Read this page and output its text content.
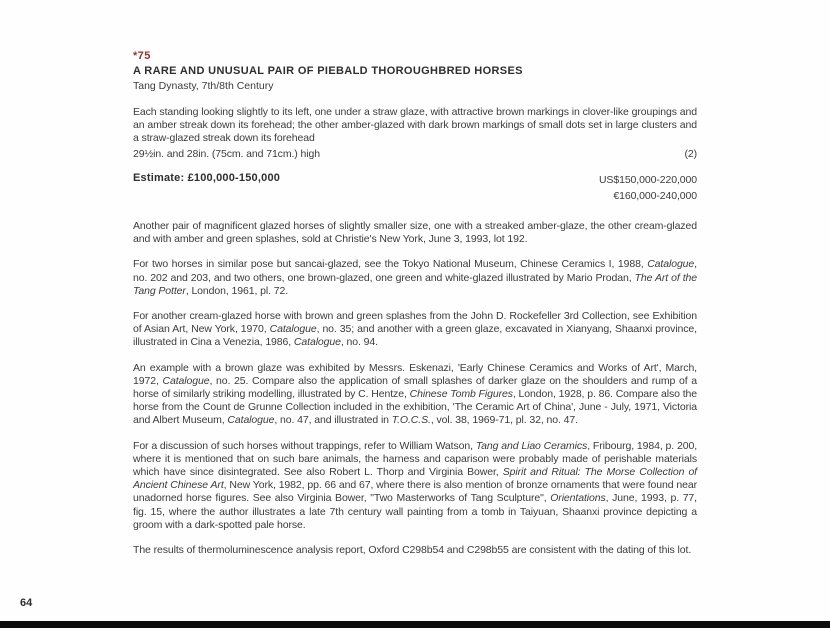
*75
A RARE AND UNUSUAL PAIR OF PIEBALD THOROUGHBRED HORSES
Tang Dynasty, 7th/8th Century

Each standing looking slightly to its left, one under a straw glaze, with attractive brown markings in clover-like groupings and an amber streak down its forehead; the other amber-glazed with dark brown markings of small dots set in large clusters and a straw-glazed streak down its forehead

29½in. and 28in. (75cm. and 71cm.) high	(2)
Estimate: £100,000-150,000	US$150,000-220,000
€160,000-240,000

Another pair of magnificent glazed horses of slightly smaller size, one with a streaked amber-glaze, the other cream-glazed and with amber and green splashes, sold at Christie's New York, June 3, 1993, lot 192.

For two horses in similar pose but sancai-glazed, see the Tokyo National Museum, Chinese Ceramics I, 1988, Catalogue, no. 202 and 203, and two others, one brown-glazed, one green and white-glazed illustrated by Mario Prodan, The Art of the Tang Potter, London, 1961, pl. 72.

For another cream-glazed horse with brown and green splashes from the John D. Rockefeller 3rd Collection, see Exhibition of Asian Art, New York, 1970, Catalogue, no. 35; and another with a green glaze, excavated in Xianyang, Shaanxi province, illustrated in Cina a Venezia, 1986, Catalogue, no. 94.

An example with a brown glaze was exhibited by Messrs. Eskenazi, 'Early Chinese Ceramics and Works of Art', March, 1972, Catalogue, no. 25. Compare also the application of small splashes of darker glaze on the shoulders and rump of a horse of similarly striking modelling, illustrated by C. Hentze, Chinese Tomb Figures, London, 1928, p. 86. Compare also the horse from the Count de Grunne Collection included in the exhibition, 'The Ceramic Art of China', June - July, 1971, Victoria and Albert Museum, Catalogue, no. 47, and illustrated in T.O.C.S., vol. 38, 1969-71, pl. 32, no. 47.

For a discussion of such horses without trappings, refer to William Watson, Tang and Liao Ceramics, Fribourg, 1984, p. 200, where it is mentioned that on such bare animals, the harness and caparison were probably made of perishable materials which have since disintegrated. See also Robert L. Thorp and Virginia Bower, Spirit and Ritual: The Morse Collection of Ancient Chinese Art, New York, 1982, pp. 66 and 67, where there is also mention of bronze ornaments that were found near unadorned horse figures. See also Virginia Bower, "Two Masterworks of Tang Sculpture", Orientations, June, 1993, p. 77, fig. 15, where the author illustrates a late 7th century wall painting from a tomb in Taiyuan, Shaanxi province depicting a groom with a dark-spotted pale horse.

The results of thermoluminescence analysis report, Oxford C298b54 and C298b55 are consistent with the dating of this lot.

64
